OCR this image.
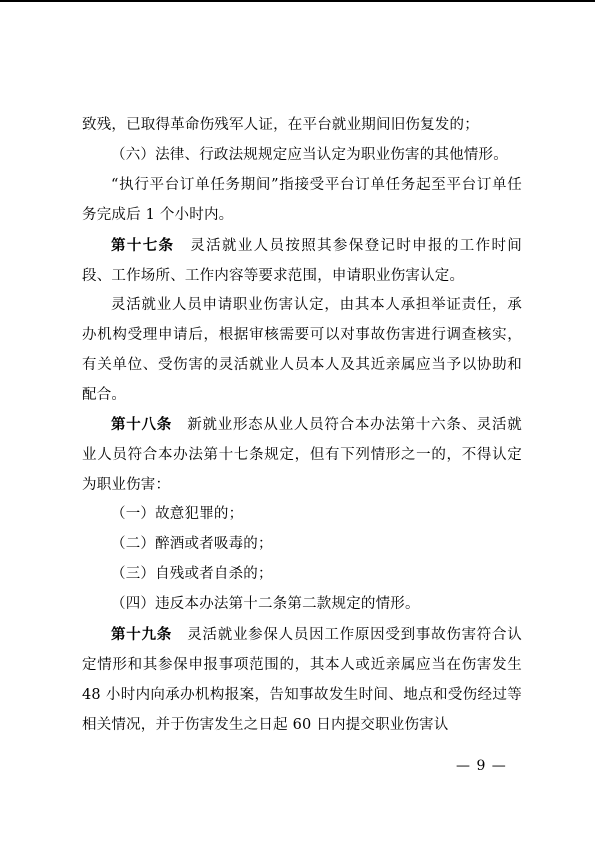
致残，已取得革命伤残军人证，在平台就业期间旧伤复发的；

（六）法律、行政法规规定应当认定为职业伤害的其他情形。

“执行平台订单任务期间”指接受平台订单任务起至平台订单任务完成后 1 个小时内。

第十七条　 灵活就业人员按照其参保登记时申报的工作时间段、工作场所、工作内容等要求范围，申请职业伤害认定。

灵活就业人员申请职业伤害认定，由其本人承担举证责任，承办机构受理申请后，根据审核需要可以对事故伤害进行调查核实，有关单位、受伤害的灵活就业人员本人及其近亲属应当予以协助和配合。

第十八条　 新就业形态从业人员符合本办法第十六条、灵活就业人员符合本办法第十七条规定，但有下列情形之一的，不得认定为职业伤害：

（一）故意犯罪的；

（二）醉酒或者吸毒的；

（三）自残或者自杀的；

（四）违反本办法第十二条第二款规定的情形。

第十九条　 灵活就业参保人员因工作原因受到事故伤害符合认定情形和其参保申报事项范围的，其本人或近亲属应当在伤害发生 48 小时内向承办机构报案，告知事故发生时间、地点和受伤经过等相关情况，并于伤害发生之日起 60 日内提交职业伤害认

— 9 —
